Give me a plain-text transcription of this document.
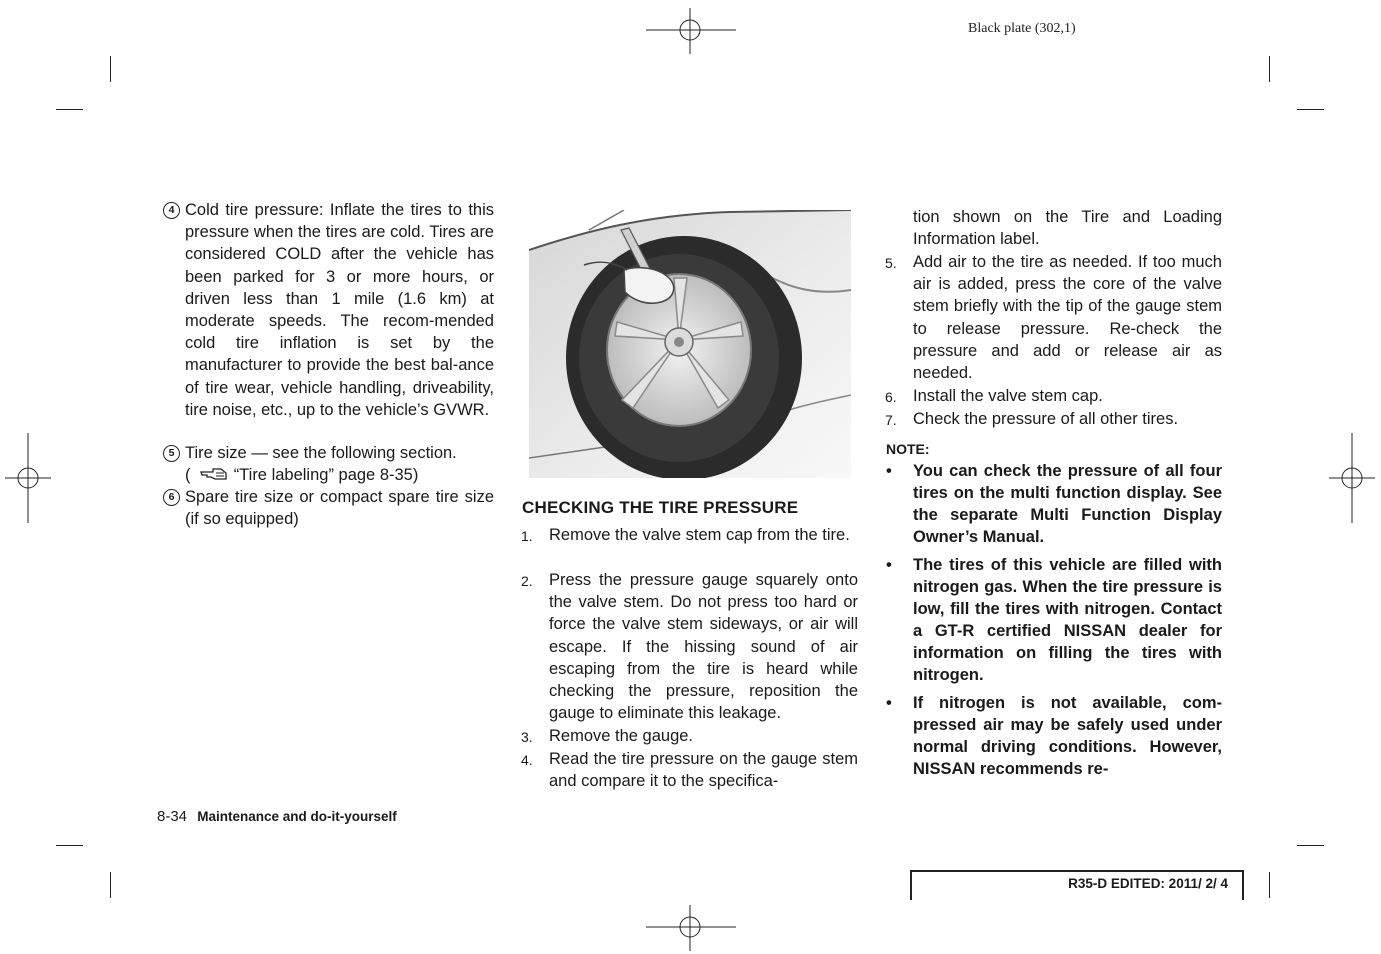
Black plate (302,1)
4 Cold tire pressure: Inflate the tires to this pressure when the tires are cold. Tires are considered COLD after the vehicle has been parked for 3 or more hours, or driven less than 1 mile (1.6 km) at moderate speeds. The recom-mended cold tire inflation is set by the manufacturer to provide the best bal-ance of tire wear, vehicle handling, driveability, tire noise, etc., up to the vehicle’s GVWR.
5 Tire size — see the following section.
(	“Tire labeling” page 8-35)
6 Spare tire size or compact spare tire size (if so equipped)
CHECKING THE TIRE PRESSURE
1. Remove the valve stem cap from the tire.
2. Press the pressure gauge squarely onto the valve stem. Do not press too hard or force the valve stem sideways, or air will escape. If the hissing sound of air escaping from the tire is heard while checking the pressure, reposition the gauge to eliminate this leakage.
3. Remove the gauge.
4. Read the tire pressure on the gauge stem and compare it to the specifica-
tion shown on the Tire and Loading Information label.
5. Add air to the tire as needed. If too much air is added, press the core of the valve stem briefly with the tip of the gauge stem to release pressure. Re-check the pressure and add or release air as needed.
6. Install the valve stem cap.
7. Check the pressure of all other tires.
NOTE:
• You can check the pressure of all four tires on the multi function display. See the separate Multi Function Display Owner’s Manual.
• The tires of this vehicle are filled with nitrogen gas. When the tire pressure is low, fill the tires with nitrogen. Contact a GT-R certified NISSAN dealer for information on filling the tires with nitrogen.
• If nitrogen is not available, com-pressed air may be safely used under normal driving conditions. However, NISSAN recommends re-
8-34 Maintenance and do-it-yourself
R35-D EDITED: 2011/ 2/ 4
